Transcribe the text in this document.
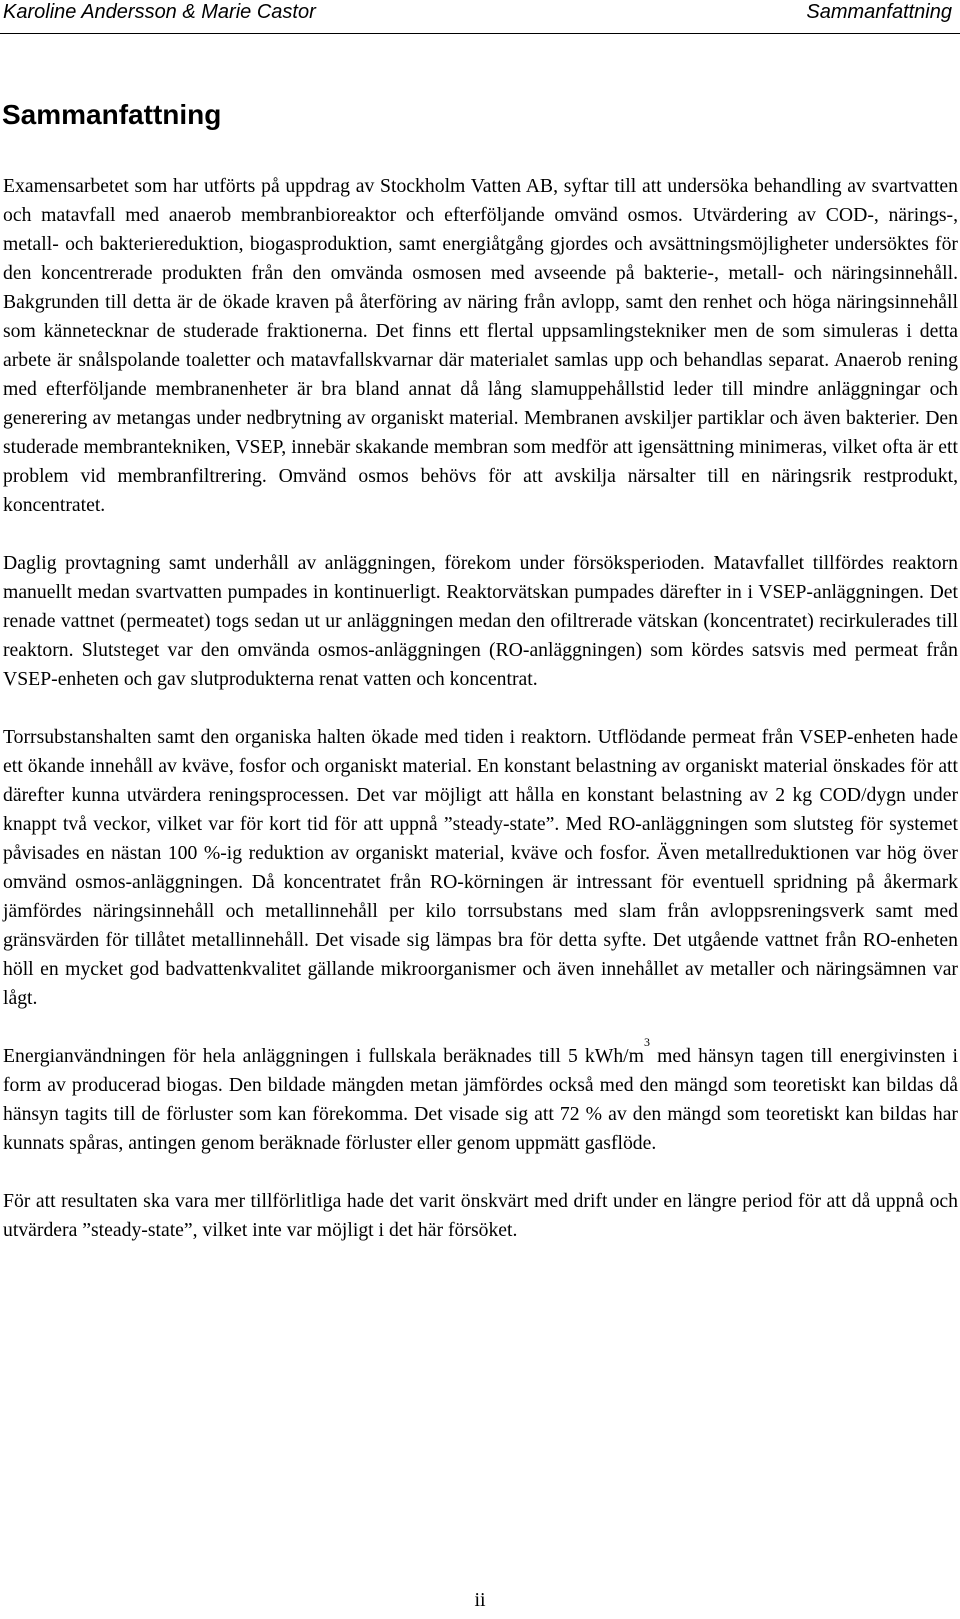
Karoline Andersson & Marie Castor	Sammanfattning
Sammanfattning

Examensarbetet som har utförts på uppdrag av Stockholm Vatten AB, syftar till att undersöka behandling av svartvatten och matavfall med anaerob membranbioreaktor och efterföljande omvänd osmos. Utvärdering av COD-, närings-, metall- och bakteriereduktion, biogasproduktion, samt energiåtgång gjordes och avsättningsmöjligheter undersöktes för den koncentrerade produkten från den omvända osmosen med avseende på bakterie-, metall- och näringsinnehåll. Bakgrunden till detta är de ökade kraven på återföring av näring från avlopp, samt den renhet och höga näringsinnehåll som kännetecknar de studerade fraktionerna. Det finns ett flertal uppsamlingstekniker men de som simuleras i detta arbete är snålspolande toaletter och matavfallskvarnar där materialet samlas upp och behandlas separat. Anaerob rening med efterföljande membranenheter är bra bland annat då lång slamuppehållstid leder till mindre anläggningar och generering av metangas under nedbrytning av organiskt material. Membranen avskiljer partiklar och även bakterier. Den studerade membrantekniken, VSEP, innebär skakande membran som medför att igensättning minimeras, vilket ofta är ett problem vid membranfiltrering. Omvänd osmos behövs för att avskilja närsalter till en näringsrik restprodukt, koncentratet.

Daglig provtagning samt underhåll av anläggningen, förekom under försöksperioden. Matavfallet tillfördes reaktorn manuellt medan svartvatten pumpades in kontinuerligt. Reaktorvätskan pumpades därefter in i VSEP-anläggningen. Det renade vattnet (permeatet) togs sedan ut ur anläggningen medan den ofiltrerade vätskan (koncentratet) recirkulerades till reaktorn. Slutsteget var den omvända osmos-anläggningen (RO-anläggningen) som kördes satsvis med permeat från VSEP-enheten och gav slutprodukterna renat vatten och koncentrat.

Torrsubstanshalten samt den organiska halten ökade med tiden i reaktorn. Utflödande permeat från VSEP-enheten hade ett ökande innehåll av kväve, fosfor och organiskt material. En konstant belastning av organiskt material önskades för att därefter kunna utvärdera reningsprocessen. Det var möjligt att hålla en konstant belastning av 2 kg COD/dygn under knappt två veckor, vilket var för kort tid för att uppnå ”steady-state”. Med RO-anläggningen som slutsteg för systemet påvisades en nästan 100 %-ig reduktion av organiskt material, kväve och fosfor. Även metallreduktionen var hög över omvänd osmos-anläggningen. Då koncentratet från RO-körningen är intressant för eventuell spridning på åkermark jämfördes näringsinnehåll och metallinnehåll per kilo torrsubstans med slam från avloppsreningsverk samt med gränsvärden för tillåtet metallinnehåll. Det visade sig lämpas bra för detta syfte. Det utgående vattnet från RO-enheten höll en mycket god badvattenkvalitet gällande mikroorganismer och även innehållet av metaller och näringsämnen var lågt.

Energianvändningen för hela anläggningen i fullskala beräknades till 5 kWh/$m^3$ med hänsyn tagen till energivinsten i form av producerad biogas. Den bildade mängden metan jämfördes också med den mängd som teoretiskt kan bildas då hänsyn tagits till de förluster som kan förekomma. Det visade sig att 72 % av den mängd som teoretiskt kan bildas har kunnats spåras, antingen genom beräknade förluster eller genom uppmätt gasflöde.

För att resultaten ska vara mer tillförlitliga hade det varit önskvärt med drift under en längre period för att då uppnå och utvärdera ”steady-state”, vilket inte var möjligt i det här försöket.

ii
